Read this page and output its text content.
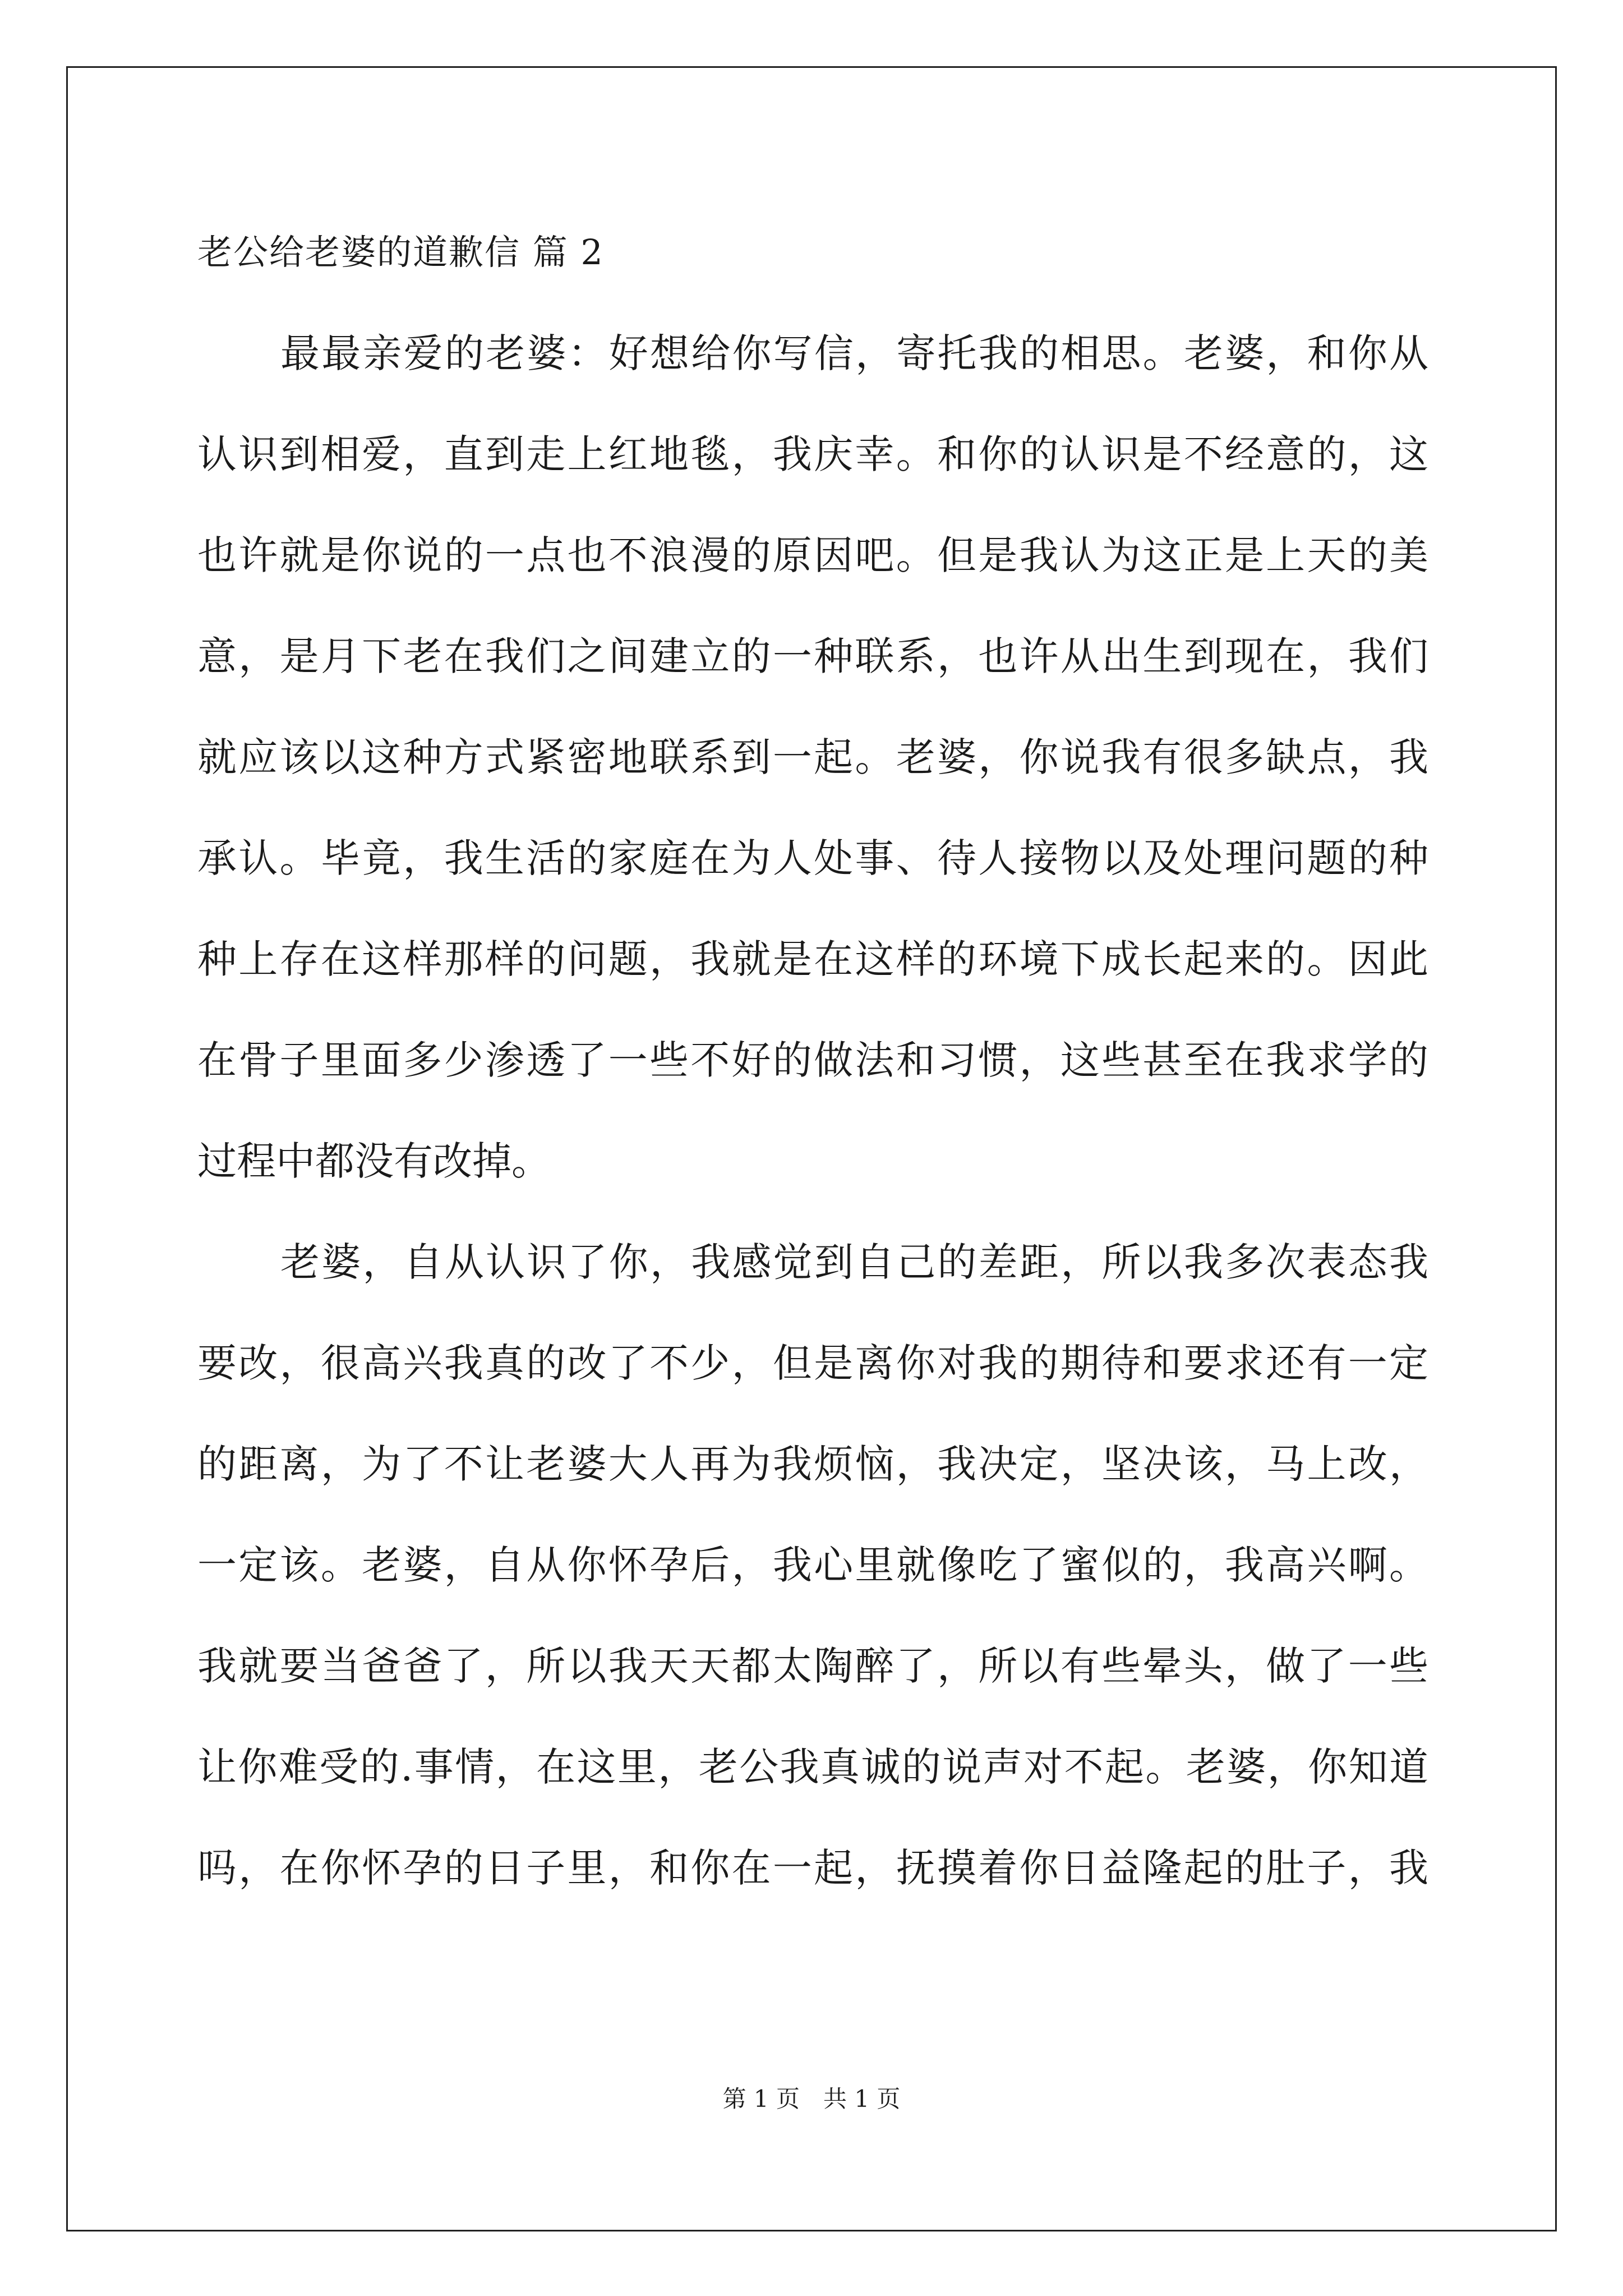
老公给老婆的道歉信 篇 2
最最亲爱的老婆：好想给你写信，寄托我的相思。老婆，和你从
认识到相爱，直到走上红地毯，我庆幸。和你的认识是不经意的，这
也许就是你说的一点也不浪漫的原因吧。但是我认为这正是上天的美
意，是月下老在我们之间建立的一种联系，也许从出生到现在，我们
就应该以这种方式紧密地联系到一起。老婆，你说我有很多缺点，我
承认。毕竟，我生活的家庭在为人处事、待人接物以及处理问题的种
种上存在这样那样的问题，我就是在这样的环境下成长起来的。因此
在骨子里面多少渗透了一些不好的做法和习惯，这些甚至在我求学的
过程中都没有改掉。
老婆，自从认识了你，我感觉到自己的差距，所以我多次表态我
要改，很高兴我真的改了不少，但是离你对我的期待和要求还有一定
的距离，为了不让老婆大人再为我烦恼，我决定，坚决该，马上改，
一定该。老婆，自从你怀孕后，我心里就像吃了蜜似的，我高兴啊。
我就要当爸爸了，所以我天天都太陶醉了，所以有些晕头，做了一些
让你难受的.事情，在这里，老公我真诚的说声对不起。老婆，你知道
吗，在你怀孕的日子里，和你在一起，抚摸着你日益隆起的肚子，我
第 1 页　共 1 页
